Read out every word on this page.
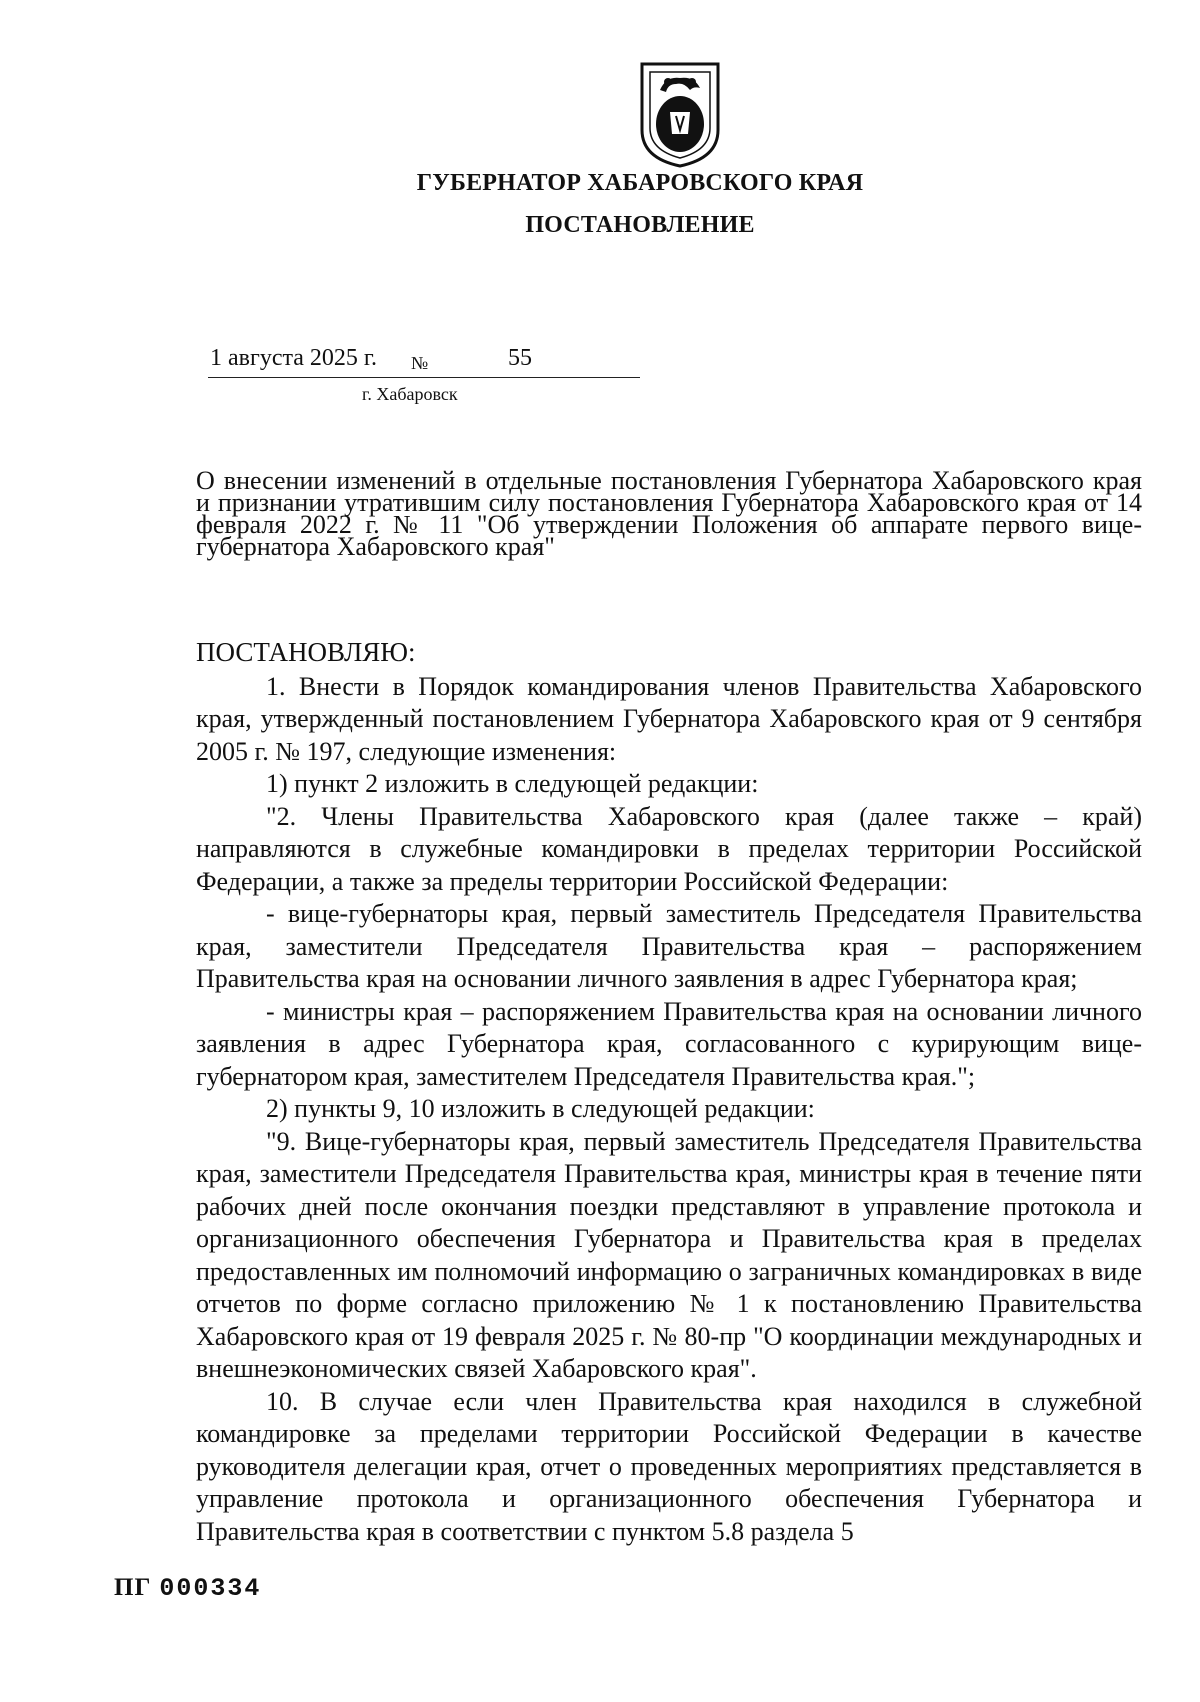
ГУБЕРНАТОР ХАБАРОВСКОГО КРАЯ
ПОСТАНОВЛЕНИЕ
1 августа 2025 г. №	55
г. Хабаровск
О внесении изменений в отдельные постановления Губернатора Хабаровского края и признании утратившим силу постановления Губернатора Хабаровского края от 14 февраля 2022 г. № 11 "Об утверждении Положения об аппарате первого вице-губернатора Хабаровского края"

ПОСТАНОВЛЯЮ:

1. Внести в Порядок командирования членов Правительства Хабаровского края, утвержденный постановлением Губернатора Хабаровского края от 9 сентября 2005 г. № 197, следующие изменения:

1) пункт 2 изложить в следующей редакции:

"2. Члены Правительства Хабаровского края (далее также – край) направляются в служебные командировки в пределах территории Российской Федерации, а также за пределы территории Российской Федерации:

- вице-губернаторы края, первый заместитель Председателя Правительства края, заместители Председателя Правительства края – распоряжением Правительства края на основании личного заявления в адрес Губернатора края;

- министры края – распоряжением Правительства края на основании личного заявления в адрес Губернатора края, согласованного с курирующим вице-губернатором края, заместителем Председателя Правительства края.";

2) пункты 9, 10 изложить в следующей редакции:

"9. Вице-губернаторы края, первый заместитель Председателя Правительства края, заместители Председателя Правительства края, министры края в течение пяти рабочих дней после окончания поездки представляют в управление протокола и организационного обеспечения Губернатора и Правительства края в пределах предоставленных им полномочий информацию о заграничных командировках в виде отчетов по форме согласно приложению № 1 к постановлению Правительства Хабаровского края от 19 февраля 2025 г. № 80-пр "О координации международных и внешнеэкономических связей Хабаровского края".

10. В случае если член Правительства края находился в служебной командировке за пределами территории Российской Федерации в качестве руководителя делегации края, отчет о проведенных мероприятиях представляется в управление протокола и организационного обеспечения Губернатора и Правительства края в соответствии с пунктом 5.8 раздела 5

ПГ 000334
